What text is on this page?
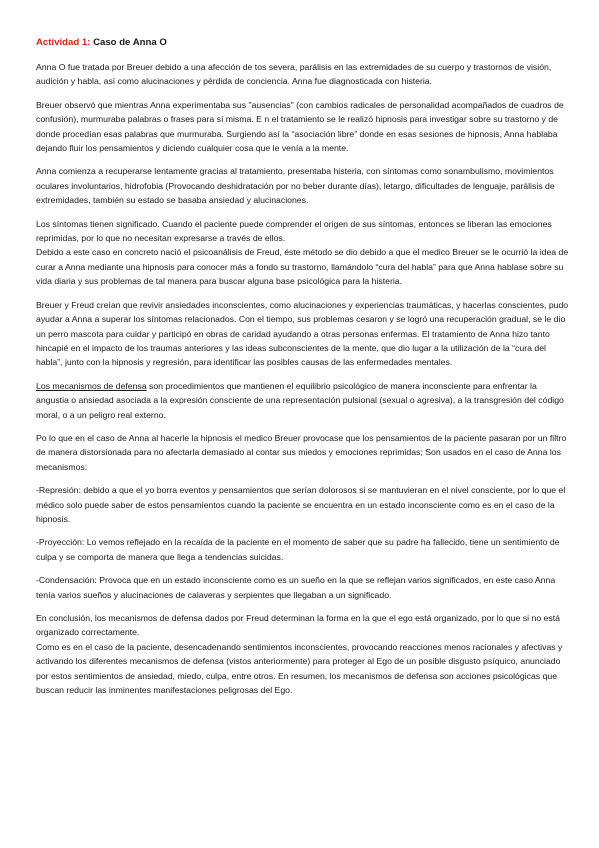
Actividad 1: Caso de Anna O

Anna O fue tratada por Breuer debido a una afección de tos severa, parálisis en las extremidades de su cuerpo y trastornos de visión, audición y habla, así como alucinaciones y pérdida de conciencia. Anna fue diagnosticada con histeria.

Breuer observó que mientras Anna experimentaba sus "ausencias" (con cambios radicales de personalidad acompañados de cuadros de confusión), murmuraba palabras o frases para sí misma. E n el tratamiento se le realizó hipnosis para investigar sobre su trastorno y de donde procedían esas palabras que murmuraba. Surgiendo así la “asociación libre” donde en esas sesiones de hipnosis, Anna hablaba dejando fluir los pensamientos y diciendo cualquier cosa que le venía a la mente.

Anna comienza a recuperarse lentamente gracias al tratamiento, presentaba histeria, con síntomas como sonambulismo, movimientos oculares involuntarios, hidrofobia (Provocando deshidratación por no beber durante días), letargo, dificultades de lenguaje, parálisis de extremidades, también su estado se basaba ansiedad y alucinaciones.

Los síntomas tienen significado. Cuando el paciente puede comprender el origen de sus síntomas, entonces se liberan las emociones reprimidas, por lo que no necesitan expresarse a través de ellos.
Debido a este caso en concreto nació el psicoanálisis de Freud, éste método se dio debido a que el medico Breuer se le ocurrió la idea de curar a Anna mediante una hipnosis para conocer más a fondo su trastorno, llamándolo “cura del habla” para que Anna hablase sobre su vida diaria y sus problemas de tal manera para buscar alguna base psicológica para la histeria.

Breuer y Freud creían que revivir ansiedades inconscientes, como alucinaciones y experiencias traumáticas, y hacerlas conscientes, pudo ayudar a Anna a superar los síntomas relacionados. Con el tiempo, sus problemas cesaron y se logró una recuperación gradual, se le dio un perro mascota para cuidar y participó en obras de caridad ayudando a otras personas enfermas. El tratamiento de Anna hizo tanto hincapié en el impacto de los traumas anteriores y las ideas subconscientes de la mente, que dio lugar a la utilización de la “cura del habla”, junto con la hipnosis y regresión, para identificar las posibles causas de las enfermedades mentales.

Los mecanismos de defensa son procedimientos que mantienen el equilibrio psicológico de manera inconsciente para enfrentar la angustia o ansiedad asociada a la expresión consciente de una representación pulsional (sexual o agresiva), a la transgresión del código moral, o a un peligro real externo.

Po lo que en el caso de Anna al hacerle la hipnosis el medico Breuer provocase que los pensamientos de la paciente pasaran por un filtro de manera distorsionada para no afectarla demasiado al contar sus miedos y emociones reprimidas; Son usados en el caso de Anna los mecanismos:

-Represión: debido a que el yo borra eventos y pensamientos que serían dolorosos si se mantuvieran en el nivel consciente, por lo que el médico solo puede saber de estos pensamientos cuando la paciente se encuentra en un estado inconsciente como es en el caso de la hipnosis.

-Proyección: Lo vemos reflejado en la recaída de la paciente en el momento de saber que su padre ha fallecido, tiene un sentimiento de culpa y se comporta de manera que llega a tendencias suicidas.

-Condensación: Provoca que en un estado inconsciente como es un sueño en la que se reflejan varios significados, en este caso Anna tenía varios sueños y alucinaciones de calaveras y serpientes que llegaban a un significado.

En conclusión, los mecanismos de defensa dados por Freud determinan la forma en la que el ego está organizado, por lo que si no está organizado correctamente.
Como es en el caso de la paciente, desencadenando sentimientos inconscientes, provocando reacciones menos racionales y afectivas y activando los diferentes mecanismos de defensa (vistos anteriormente) para proteger al Ego de un posible disgusto psíquico, anunciado por estos sentimientos de ansiedad, miedo, culpa, entre otros. En resumen, los mecanismos de defensa son acciones psicológicas que buscan reducir las inminentes manifestaciones peligrosas del Ego.
